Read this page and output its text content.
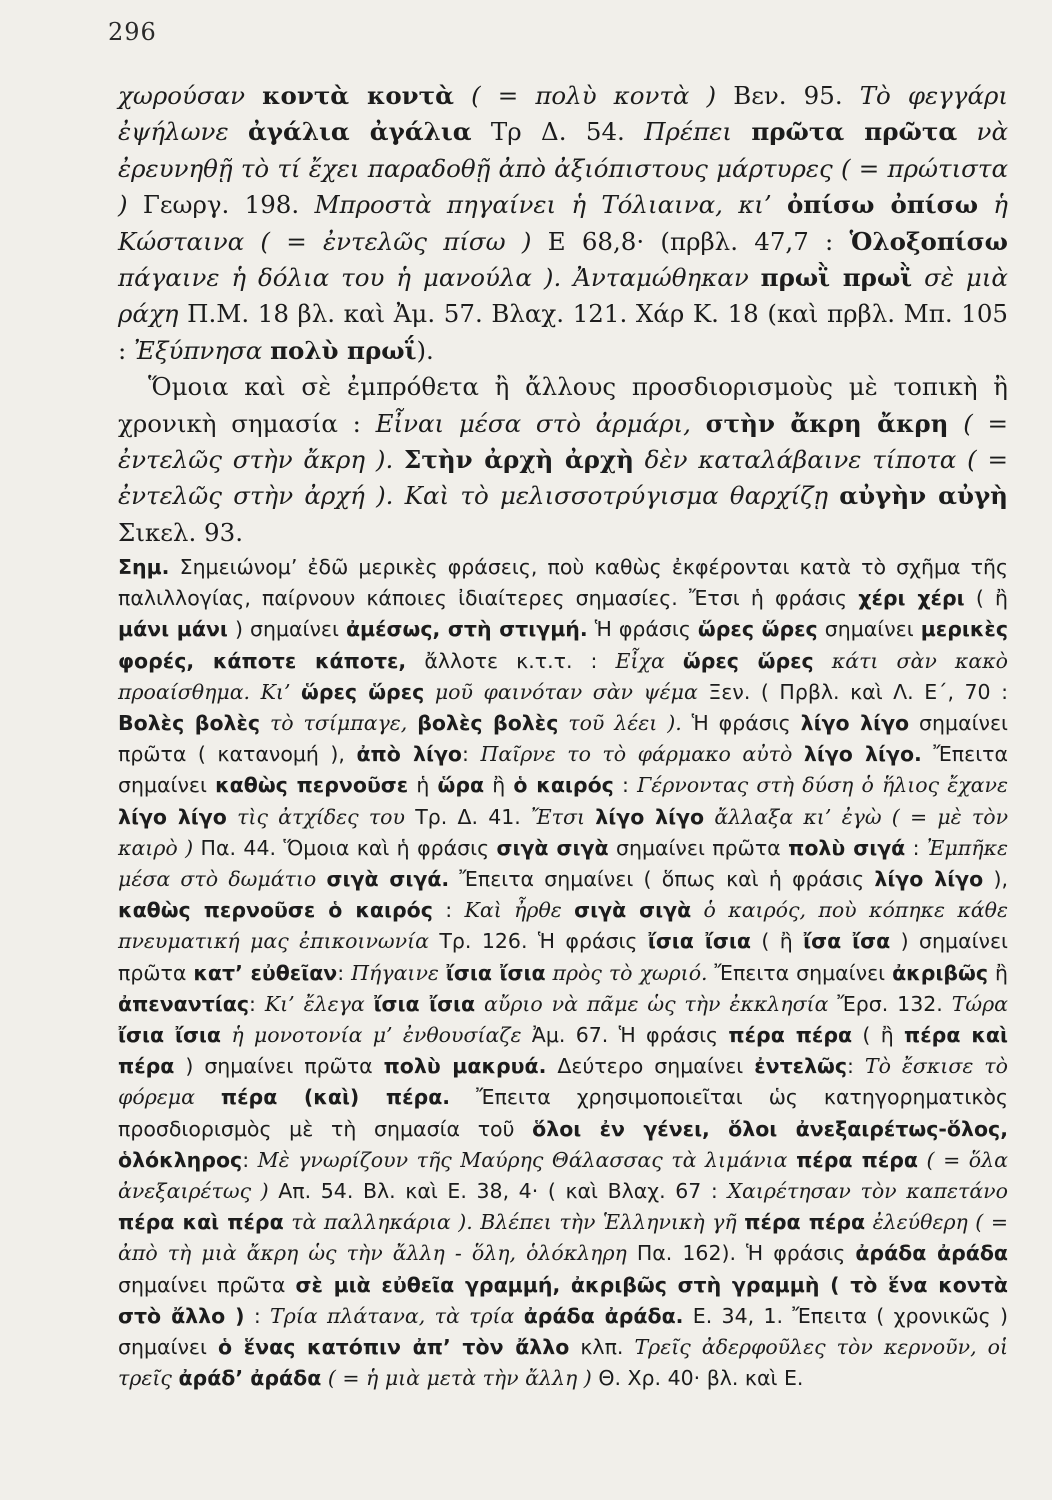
296

χωρούσαν κοντὰ κοντὰ ( = πολὺ κοντὰ ) Βεν. 95. Τὸ φεγγάρι ἐψήλωνε ἀγάλια ἀγάλια Τρ Δ. 54. Πρέπει πρῶτα πρῶτα νὰ ἐρευνηθῇ τὸ τί ἔχει παραδοθῇ ἀπὸ ἀξιόπιστους μάρτυρες ( = πρώτιστα ) Γεωργ. 198. Μπροστὰ πηγαίνει ἡ Τόλιαινα, κι’ ὀπίσω ὀπίσω ἡ Κώσταινα ( = ἐντελῶς πίσω ) Ε 68,8· (πρβλ. 47,7 : Ὁλοξοπίσω πάγαινε ἡ δόλια του ἡ μανούλα ). Ἀνταμώθηκαν πρωῒ πρωῒ σὲ μιὰ ράχη Π.Μ. 18 βλ. καὶ Ἀμ. 57. Βλαχ. 121. Χάρ Κ. 18 (καὶ πρβλ. Μπ. 105 : Ἐξύπνησα πολὺ πρωΐ).

Ὅμοια καὶ σὲ ἐμπρόθετα ἢ ἄλλους προσδιορισμοὺς μὲ τοπικὴ ἢ χρονικὴ σημασία : Εἶναι μέσα στὸ ἀρμάρι, στὴν ἄκρη ἄκρη ( = ἐντελῶς στὴν ἄκρη ). Στὴν ἀρχὴ ἀρχὴ δὲν καταλάβαινε τίποτα ( = ἐντελῶς στὴν ἀρχή ). Καὶ τὸ μελισσοτρύγισμα θαρχίζῃ αὐγὴν αὐγὴ Σικελ. 93.

Σημ. Σημειώνομ’ ἐδῶ μερικὲς φράσεις, ποὺ καθὼς ἐκφέρονται κατὰ τὸ σχῆμα τῆς παλιλλογίας, παίρνουν κάποιες ἰδιαίτερες σημασίες. Ἔτσι ἡ φράσις χέρι χέρι ( ἢ μάνι μάνι ) σημαίνει ἀμέσως, στὴ στιγμή. Ἡ φράσις ὥρες ὥρες σημαίνει μερικὲς φορές, κάποτε κάποτε, ἄλλοτε κ.τ.τ. : Εἶχα ὥρες ὥρες κάτι σὰν κακὸ προαίσθημα. Κι’ ὥρες ὥρες μοῦ φαινόταν σὰν ψέμα Ξεν. ( Πρβλ. καὶ Λ. Ε΄, 70 : Βολὲς βολὲς τὸ τσίμπαγε, βολὲς βολὲς τοῦ λέει ). Ἡ φράσις λίγο λίγο σημαίνει πρῶτα ( κατανομή ), ἀπὸ λίγο: Παῖρνε το τὸ φάρμακο αὐτὸ λίγο λίγο. Ἔπειτα σημαίνει καθὼς περνοῦσε ἡ ὥρα ἢ ὁ καιρός : Γέρνοντας στὴ δύση ὁ ἥλιος ἔχανε λίγο λίγο τὶς ἀτχίδες του Τρ. Δ. 41. Ἔτσι λίγο λίγο ἄλλαξα κι’ ἐγὼ ( = μὲ τὸν καιρὸ ) Πα. 44. Ὅμοια καὶ ἡ φράσις σιγὰ σιγὰ σημαίνει πρῶτα πολὺ σιγά : Ἐμπῆκε μέσα στὸ δωμάτιο σιγὰ σιγά. Ἔπειτα σημαίνει ( ὅπως καὶ ἡ φράσις λίγο λίγο ), καθὼς περνοῦσε ὁ καιρός : Καὶ ἦρθε σιγὰ σιγὰ ὁ καιρός, ποὺ κόπηκε κάθε πνευματική μας ἐπικοινωνία Τρ. 126. Ἡ φράσις ἴσια ἴσια ( ἢ ἴσα ἴσα ) σημαίνει πρῶτα κατ’ εὐθεῖαν: Πήγαινε ἴσια ἴσια πρὸς τὸ χωριό. Ἔπειτα σημαίνει ἀκριβῶς ἢ ἀπεναντίας: Κι’ ἔλεγα ἴσια ἴσια αὔριο νὰ πᾶμε ὡς τὴν ἐκκλησία Ἔρσ. 132. Τώρα ἴσια ἴσια ἡ μονοτονία μ’ ἐνθουσίαζε Ἀμ. 67. Ἡ φράσις πέρα πέρα ( ἢ πέρα καὶ πέρα ) σημαίνει πρῶτα πολὺ μακρυά. Δεύτερο σημαίνει ἐντελῶς: Τὸ ἔσκισε τὸ φόρεμα πέρα (καὶ) πέρα. Ἔπειτα χρησιμοποιεῖται ὡς κατηγορηματικὸς προσδιορισμὸς μὲ τὴ σημασία τοῦ ὅλοι ἐν γένει, ὅλοι ἀνεξαιρέτως-ὅλος, ὁλόκληρος: Μὲ γνωρίζουν τῆς Μαύρης Θάλασσας τὰ λιμάνια πέρα πέρα ( = ὅλα ἀνεξαιρέτως ) Απ. 54. Βλ. καὶ Ε. 38, 4· ( καὶ Βλαχ. 67 : Χαιρέτησαν τὸν καπετάνο πέρα καὶ πέρα τὰ παλληκάρια ). Βλέπει τὴν Ἑλληνικὴ γῆ πέρα πέρα ἐλεύθερη ( = ἀπὸ τὴ μιὰ ἄκρη ὡς τὴν ἄλλη - ὅλη, ὁλόκληρη Πα. 162). Ἡ φράσις ἀράδα ἀράδα σημαίνει πρῶτα σὲ μιὰ εὐθεῖα γραμμή, ἀκριβῶς στὴ γραμμὴ ( τὸ ἕνα κοντὰ στὸ ἄλλο ) : Τρία πλάτανα, τὰ τρία ἀράδα ἀράδα. Ε. 34, 1. Ἔπειτα ( χρονικῶς ) σημαίνει ὁ ἕνας κατόπιν ἀπ’ τὸν ἄλλο κλπ. Τρεῖς ἀδερφοῦλες τὸν κερνοῦν, οἱ τρεῖς ἀράδ’ ἀράδα ( = ἡ μιὰ μετὰ τὴν ἄλλη ) Θ. Χρ. 40· βλ. καὶ Ε.
